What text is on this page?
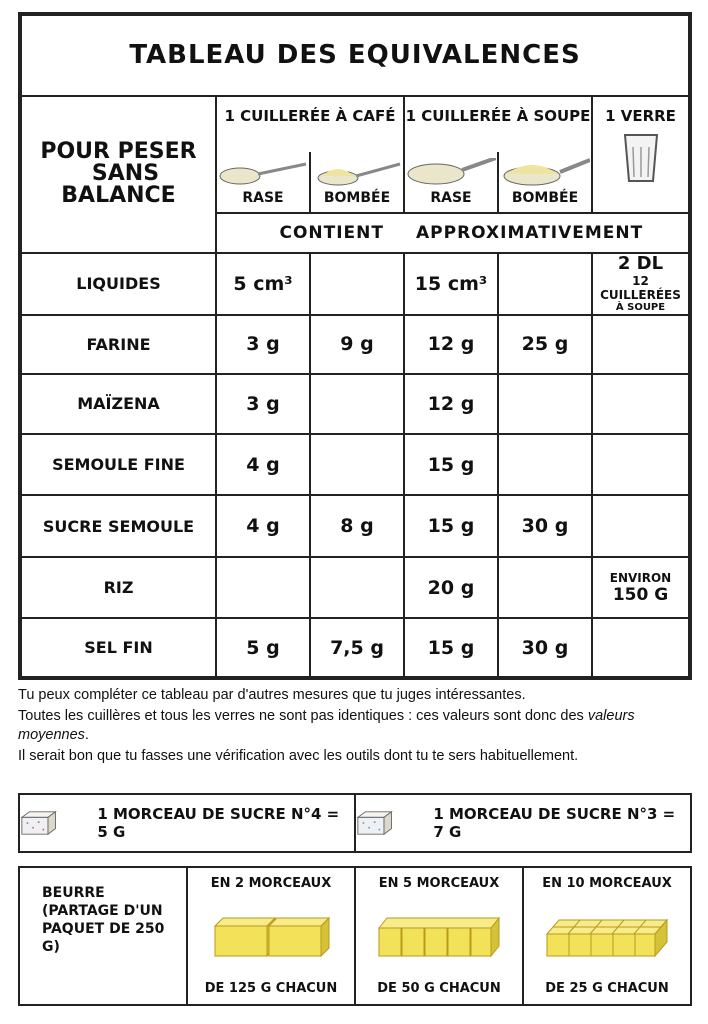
TABLEAU DES EQUIVALENCES					

POUR PESER
SANS
BALANCE	1 CUILLERÉE À CAFÉ		1 CUILLERÉE À SOUPE		1 VERRE

	RASE	BOMBÉE	RASE	BOMBÉE	

	CONTIENT		APPROXIMATIVEMENT		
LIQUIDES	5 cm³		15 cm³		2 DL
12 CUILLERÉES
À SOUPE

FARINE	3 g	9 g	12 g	25 g	

MAÏZENA	3 g		12 g		

SEMOULE FINE	4 g		15 g		

SUCRE SEMOULE	4 g	8 g	15 g	30 g	

RIZ			20 g		ENVIRON
150 G

SEL FIN	5 g	7,5 g	15 g	30 g	

Tu peux compléter ce tableau par d'autres mesures que tu juges intéressantes.

Toutes les cuillères et tous les verres ne sont pas identiques : ces valeurs sont donc des valeurs moyennes.

Il serait bon que tu fasses une vérification avec les outils dont tu te sers habituellement.

1 MORCEAU DE SUCRE N°4 = 5 G
1 MORCEAU DE SUCRE N°3 = 7 G
BEURRE
(PARTAGE D'UN
PAQUET DE 250 G)
EN 2 MORCEAUX
DE 125 G CHACUN
EN 5 MORCEAUX
DE 50 G CHACUN
EN 10 MORCEAUX
DE 25 G CHACUN
